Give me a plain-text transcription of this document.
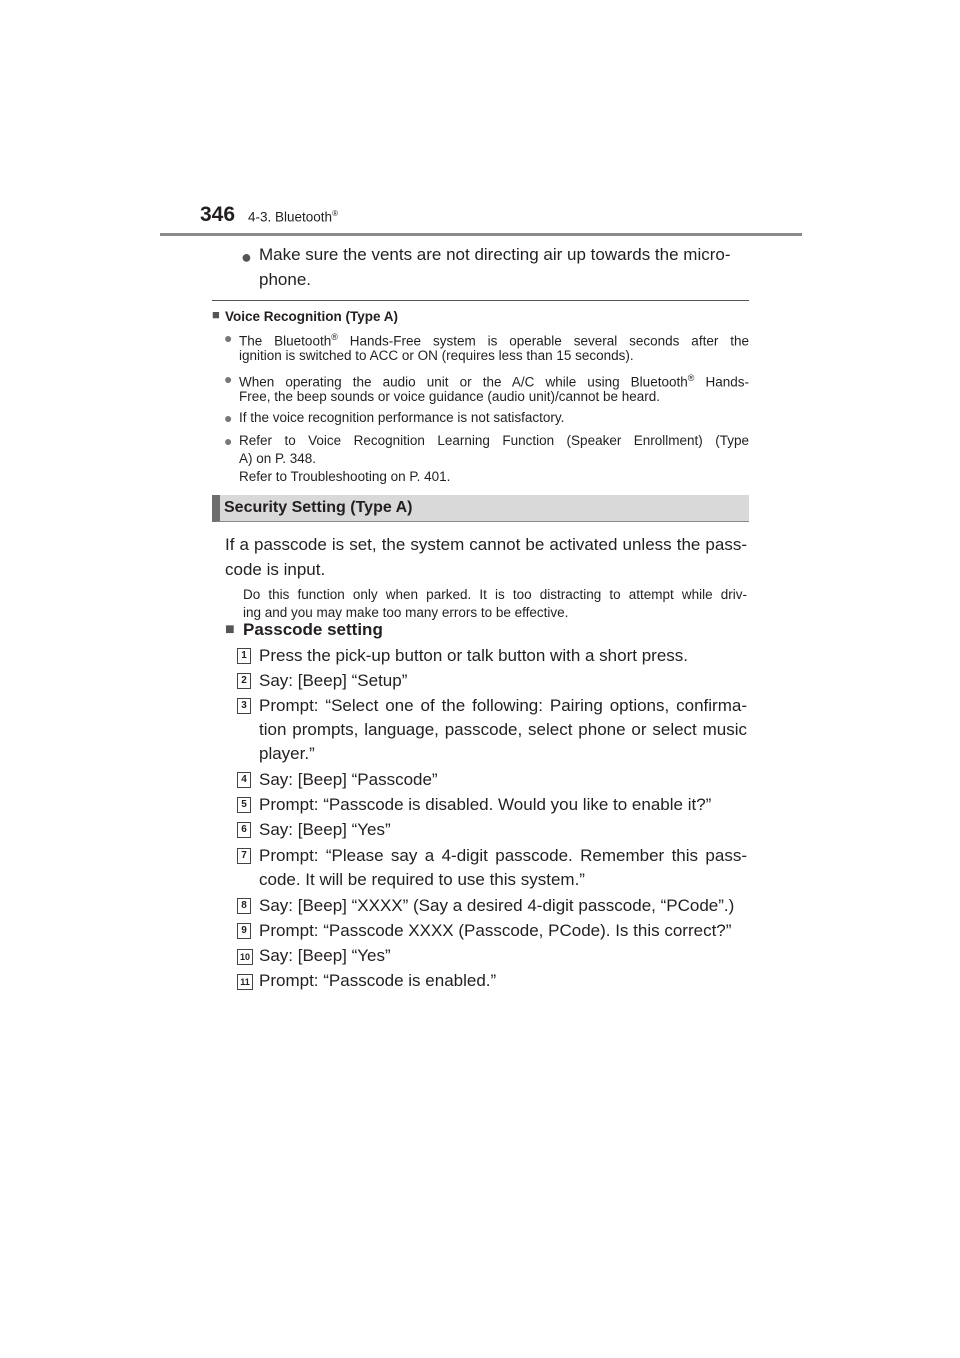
346 4-3. Bluetooth®
● Make sure the vents are not directing air up towards the micro-
phone.
■ Voice Recognition (Type A)
● The Bluetooth® Hands-Free system is operable several seconds after the
ignition is switched to ACC or ON (requires less than 15 seconds).
● When operating the audio unit or the A/C while using Bluetooth® Hands-
Free, the beep sounds or voice guidance (audio unit)/cannot be heard.
● If the voice recognition performance is not satisfactory.
● Refer to Voice Recognition Learning Function (Speaker Enrollment) (Type
A) on P. 348.
Refer to Troubleshooting on P. 401.
Security Setting (Type A)
If a passcode is set, the system cannot be activated unless the pass-
code is input.
Do this function only when parked. It is too distracting to attempt while driv-
ing and you may make too many errors to be effective.
■ Passcode setting
1 Press the pick-up button or talk button with a short press.
2 Say: [Beep] “Setup”
3 Prompt: “Select one of the following: Pairing options, confirma-
tion prompts, language, passcode, select phone or select music
player.”
4 Say: [Beep] “Passcode”
5 Prompt: “Passcode is disabled. Would you like to enable it?”
6 Say: [Beep] “Yes”
7 Prompt: “Please say a 4-digit passcode. Remember this pass-
code. It will be required to use this system.”
8 Say: [Beep] “XXXX” (Say a desired 4-digit passcode, “PCode”.)
9 Prompt: “Passcode XXXX (Passcode, PCode). Is this correct?”
10 Say: [Beep] “Yes”
11 Prompt: “Passcode is enabled.”
